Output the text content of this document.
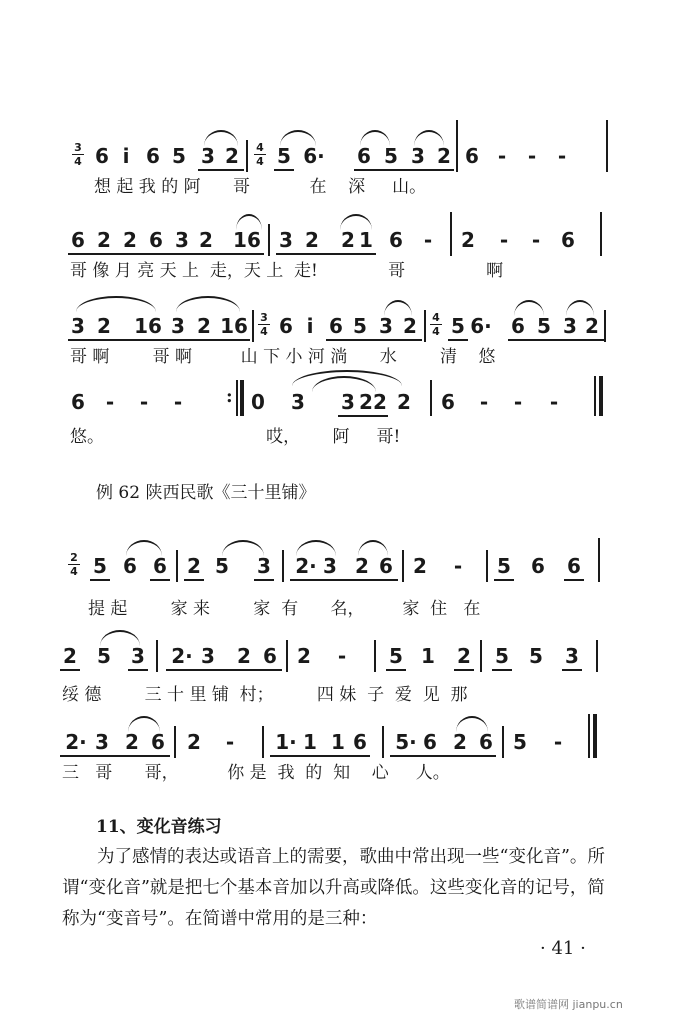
3
4 6 i 6 5 3 2 4
4 5 6· 6 5 3 2 6 - - -
想 起 我 的 阿      哥           在    深     山。
6 2 2 6 3 2 1 6 3 2 2 1 6 - 2 - - 6
哥 像 月 亮 天 上  走，天 上  走!             哥               啊
3 2 16 3 2 16 3
4 6 i 6 5 3 2 4
4 5 6· 6 5 3 2
哥 啊        哥 啊         山 下 小 河 淌      水        清    悠
6 - - - : 0 3 3 2 2 2 6 - - -
悠。                              哎，      阿     哥!
例 62 陕西民歌《三十里铺》
2
4 5 6 6 2 5 3 2· 3 2 6 2 - 5 6 6
提 起        家 来        家  有      名，       家  住   在
2 5 3 2· 3 2 6 2 - 5 1 2 5 5 3
绥 德        三 十 里 铺  村；        四 妹  子  爱  见  那
2· 3 2 6 2 - 1· 1 1 6 5· 6 2 6 5 -
三   哥      哥，         你 是  我  的  知    心     人。
11、变化音练习
为了感情的表达或语音上的需要，歌曲中常出现一些“变化音”。所谓“变化音”就是把七个基本音加以升高或降低。这些变化音的记号，简称为“变音号”。在简谱中常用的是三种：
· 41 ·
歌谱简谱网 jianpu.cn
